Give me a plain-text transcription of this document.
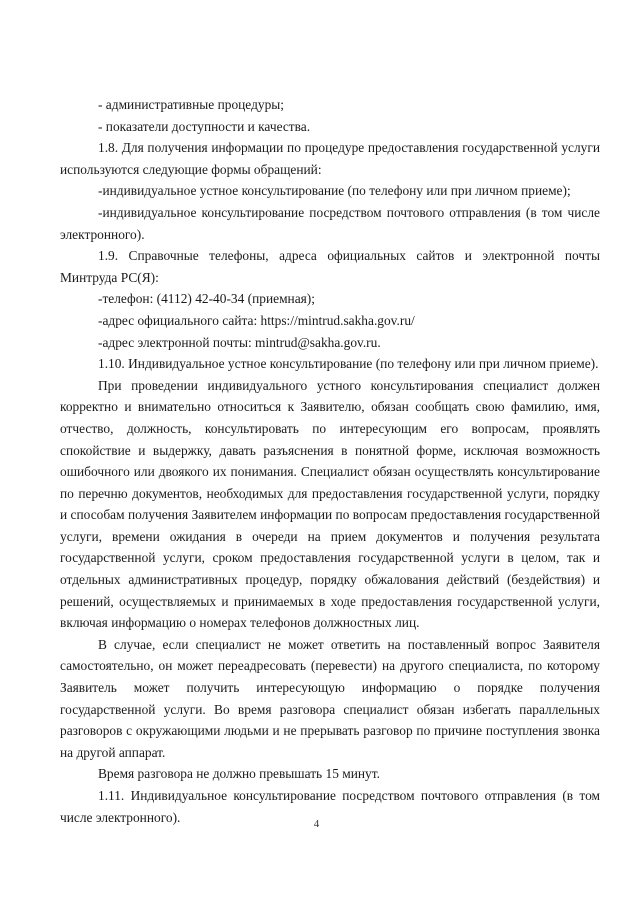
- административные процедуры;

- показатели доступности и качества.

1.8. Для получения информации по процедуре предоставления государственной услуги используются следующие формы обращений:

-индивидуальное устное консультирование (по телефону или при личном приеме);

-индивидуальное консультирование посредством почтового отправления (в том числе электронного).

1.9. Справочные телефоны, адреса официальных сайтов и электронной почты Минтруда РС(Я):

-телефон: (4112) 42-40-34 (приемная);

-адрес официального сайта: https://mintrud.sakha.gov.ru/

-адрес электронной почты: mintrud@sakha.gov.ru.

1.10. Индивидуальное устное консультирование (по телефону или при личном приеме).

При проведении индивидуального устного консультирования специалист должен корректно и внимательно относиться к Заявителю, обязан сообщать свою фамилию, имя, отчество, должность, консультировать по интересующим его вопросам, проявлять спокойствие и выдержку, давать разъяснения в понятной форме, исключая возможность ошибочного или двоякого их понимания. Специалист обязан осуществлять консультирование по перечню документов, необходимых для предоставления государственной услуги, порядку и способам получения Заявителем информации по вопросам предоставления государственной услуги, времени ожидания в очереди на прием документов и получения результата государственной услуги, сроком предоставления государственной услуги в целом, так и отдельных административных процедур, порядку обжалования действий (бездействия) и решений, осуществляемых и принимаемых в ходе предоставления государственной услуги, включая информацию о номерах телефонов должностных лиц.

В случае, если специалист не может ответить на поставленный вопрос Заявителя самостоятельно, он может переадресовать (перевести) на другого специалиста, по которому Заявитель может получить интересующую информацию о порядке получения государственной услуги. Во время разговора специалист обязан избегать параллельных разговоров с окружающими людьми и не прерывать разговор по причине поступления звонка на другой аппарат.

Время разговора не должно превышать 15 минут.

1.11. Индивидуальное консультирование посредством почтового отправления (в том числе электронного).	4
